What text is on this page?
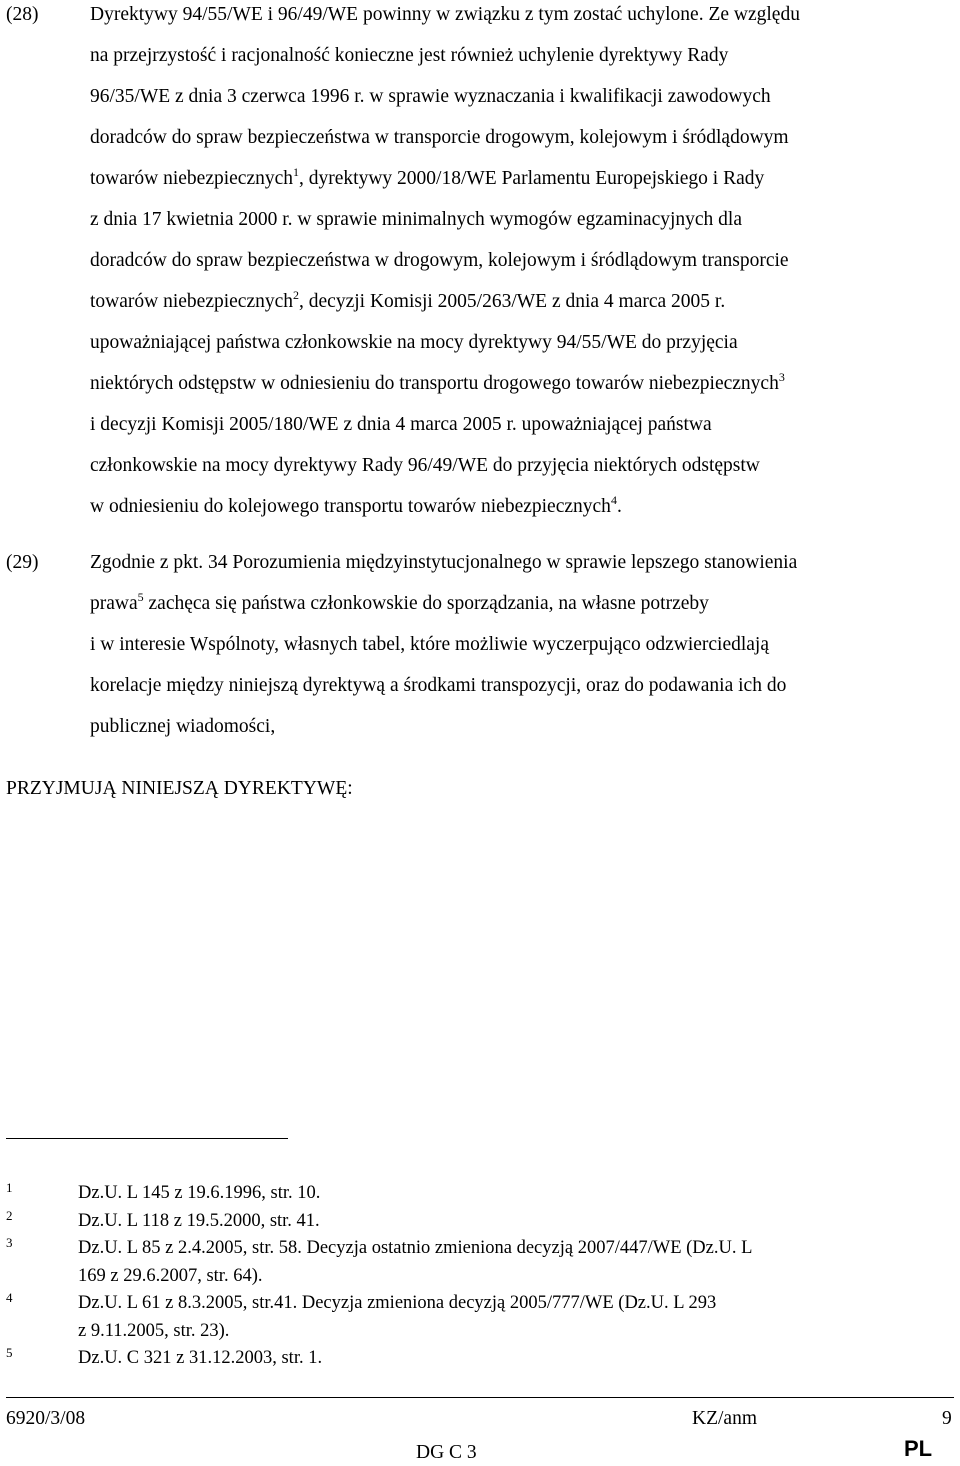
(28)	Dyrektywy 94/55/WE i 96/49/WE powinny w związku z tym zostać uchylone. Ze względu
na przejrzystość i racjonalność konieczne jest również uchylenie dyrektywy Rady
96/35/WE z dnia 3 czerwca 1996 r. w sprawie wyznaczania i kwalifikacji zawodowych
doradców do spraw bezpieczeństwa w transporcie drogowym, kolejowym i śródlądowym
towarów niebezpiecznych$^1$, dyrektywy 2000/18/WE Parlamentu Europejskiego i Rady
z dnia 17 kwietnia 2000 r. w sprawie minimalnych wymogów egzaminacyjnych dla
doradców do spraw bezpieczeństwa w drogowym, kolejowym i śródlądowym transporcie
towarów niebezpiecznych$^2$, decyzji Komisji 2005/263/WE z dnia 4 marca 2005 r.
upoważniającej państwa członkowskie na mocy dyrektywy 94/55/WE do przyjęcia
niektórych odstępstw w odniesieniu do transportu drogowego towarów niebezpiecznych$^3$
i decyzji Komisji 2005/180/WE z dnia 4 marca 2005 r. upoważniającej państwa
członkowskie na mocy dyrektywy Rady 96/49/WE do przyjęcia niektórych odstępstw
w odniesieniu do kolejowego transportu towarów niebezpiecznych$^4$.
(29)	Zgodnie z pkt. 34 Porozumienia międzyinstytucjonalnego w sprawie lepszego stanowienia
prawa$^5$ zachęca się państwa członkowskie do sporządzania, na własne potrzeby
i w interesie Wspólnoty, własnych tabel, które możliwie wyczerpująco odzwierciedlają
korelacje między niniejszą dyrektywą a środkami transpozycji, oraz do podawania ich do
publicznej wiadomości,
PRZYJMUJĄ NINIEJSZĄ DYREKTYWĘ:
1	Dz.U. L 145 z 19.6.1996, str. 10.
2	Dz.U. L 118 z 19.5.2000, str. 41.
3	Dz.U. L 85 z 2.4.2005, str. 58. Decyzja ostatnio zmieniona decyzją 2007/447/WE (Dz.U. L
169 z 29.6.2007, str. 64).
4	Dz.U. L 61 z 8.3.2005, str.41. Decyzja zmieniona decyzją 2005/777/WE (Dz.U. L 293
z 9.11.2005, str. 23).
5	Dz.U. C 321 z 31.12.2003, str. 1.
6920/3/08	KZ/anm	9
DG C 3	PL
